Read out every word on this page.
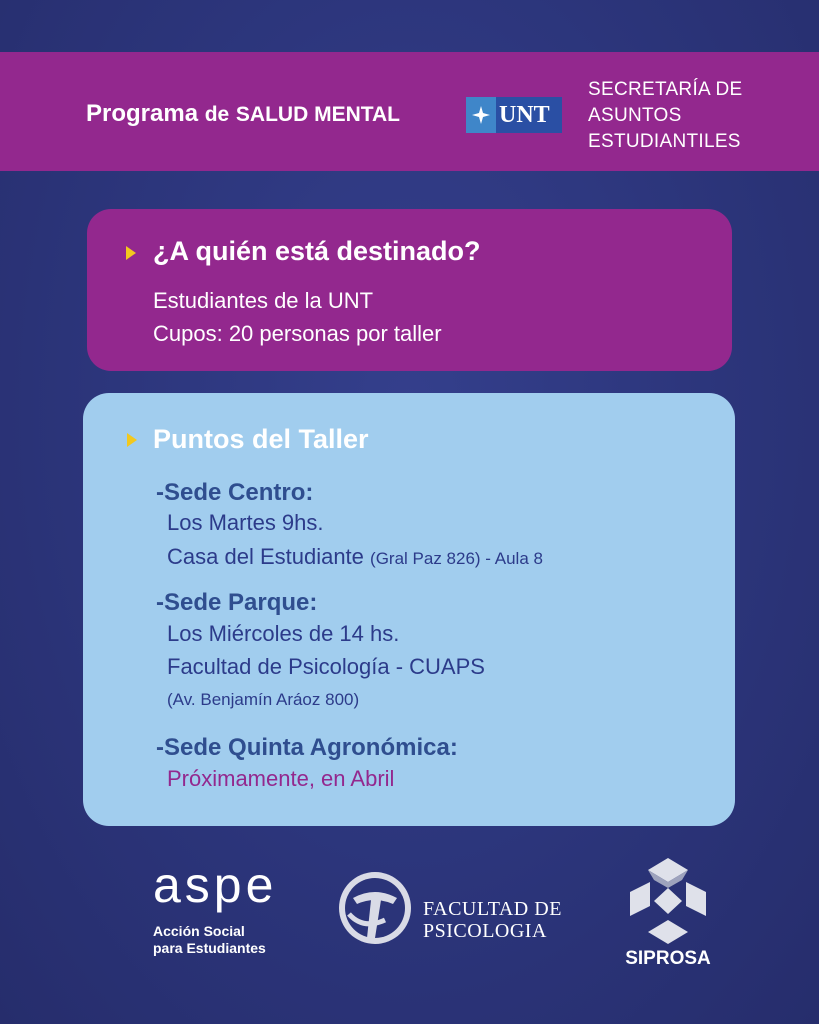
Programa de SALUD MENTAL	UNT
SECRETARÍA DE
ASUNTOS
ESTUDIANTILES
¿A quién está destinado?
Estudiantes de la UNT
Cupos: 20 personas por taller
Puntos del Taller
-Sede Centro:
Los Martes 9hs.
Casa del Estudiante (Gral Paz 826) - Aula 8
-Sede Parque:
Los Miércoles de 14 hs.
Facultad de Psicología - CUAPS
(Av. Benjamín Aráoz 800)
-Sede Quinta Agronómica:
Próximamente, en Abril
aspe
Acción Social
para Estudiantes
FACULTAD DE
PSICOLOGIA
SIPROSA
